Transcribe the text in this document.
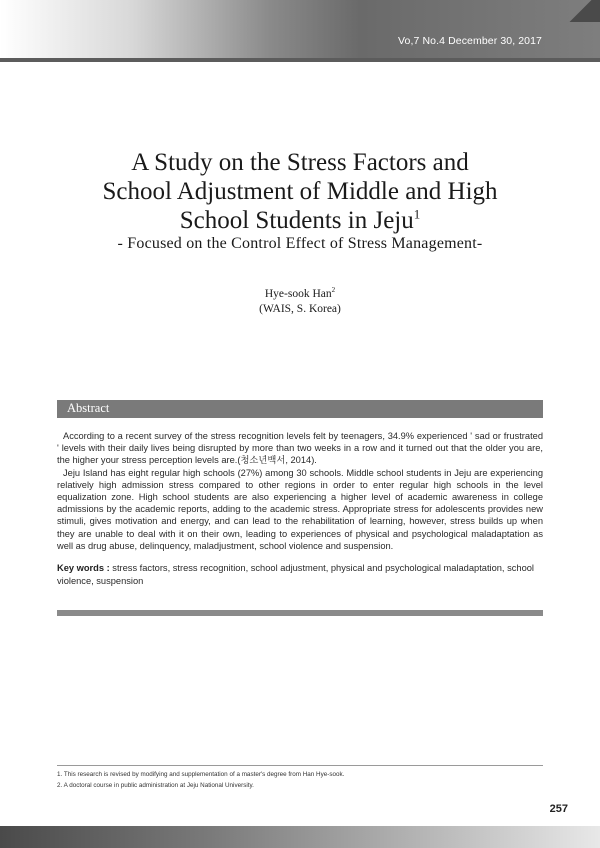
Vo,7 No.4 December 30, 2017
A Study on the Stress Factors and
School Adjustment of Middle and High
School Students in Jeju$^1$
- Focused on the Control Effect of Stress Management-
Hye-sook Han$^2$
(WAIS, S. Korea)
Abstract

According to a recent survey of the stress recognition levels felt by teenagers, 34.9% experienced ' sad or frustrated ' levels with their daily lives being disrupted by more than two weeks in a row and it turned out that the older you are, the higher your stress perception levels are.(청소년백서, 2014).

Jeju Island has eight regular high schools (27%) among 30 schools. Middle school students in Jeju are experiencing relatively high admission stress compared to other regions in order to enter regular high schools in the level equalization zone. High school students are also experiencing a higher level of academic awareness in college admissions by the academic reports, adding to the academic stress. Appropriate stress for adolescents provides new stimuli, gives motivation and energy, and can lead to the rehabilitation of learning, however, stress builds up when they are unable to deal with it on their own, leading to experiences of physical and psychological maladaptation as well as drug abuse, delinquency, maladjustment, school violence and suspension.

Key words : stress factors, stress recognition, school adjustment, physical and psychological maladaptation, school violence, suspension
1. This research is revised by modifying and supplementation of a master's degree from Han Hye-sook.
2. A doctoral course in public administration at Jeju National University.
257
